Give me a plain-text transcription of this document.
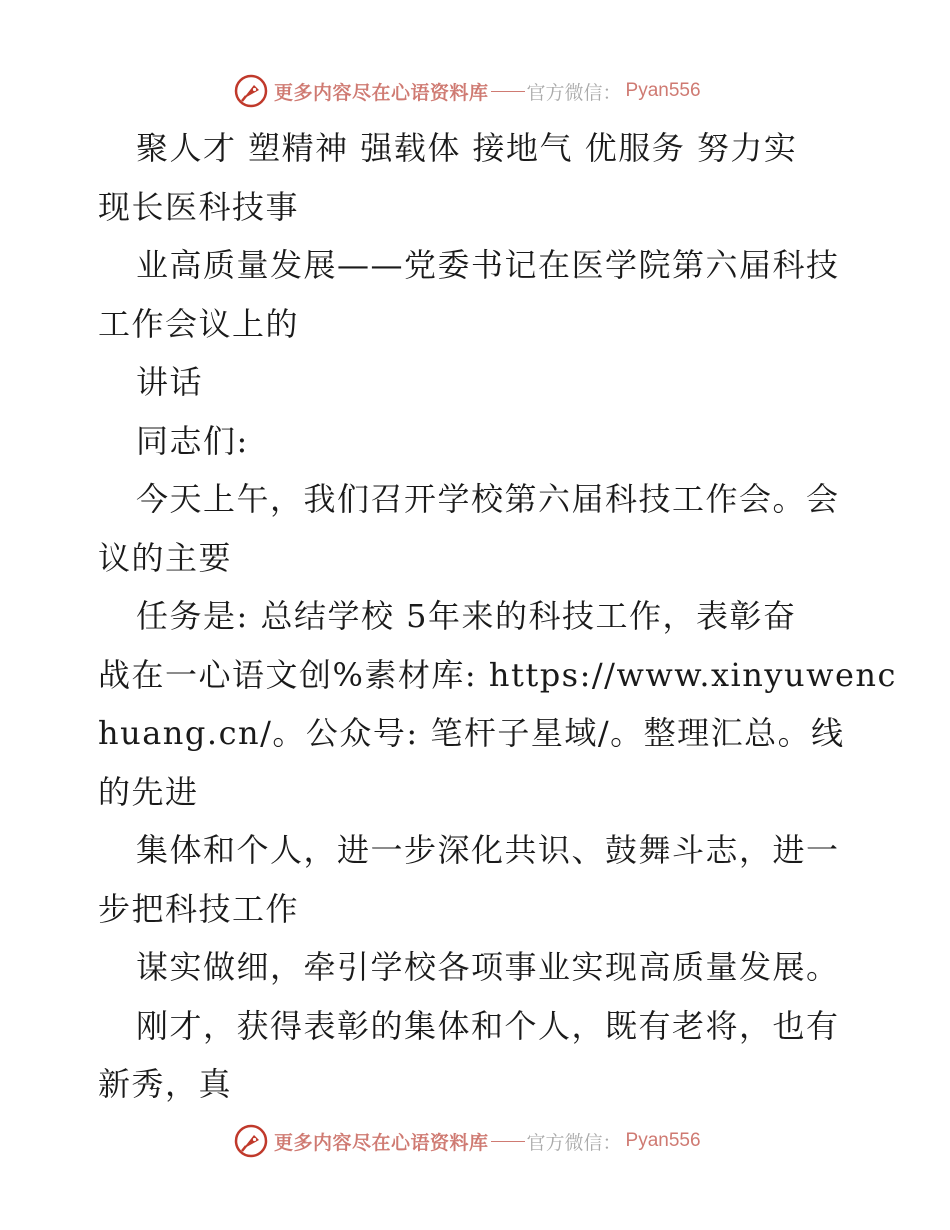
更多内容尽在心语资料库 官方微信： Pyan556
聚人才 塑精神 强载体 接地气 优服务 努力实
现长医科技事
业高质量发展——党委书记在医学院第六届科技
工作会议上的
讲话
同志们:
今天上午，我们召开学校第六届科技工作会。会
议的主要
任务是: 总结学校 5年来的科技工作，表彰奋
战在一心语文创%素材库: https://www.xinyuwenc
huang.cn/。公众号: 笔杆子星域/。整理汇总。线
的先进
集体和个人，进一步深化共识、鼓舞斗志，进一
步把科技工作
谋实做细，牵引学校各项事业实现高质量发展。
刚才，获得表彰的集体和个人，既有老将，也有
新秀，真
更多内容尽在心语资料库 官方微信： Pyan556
